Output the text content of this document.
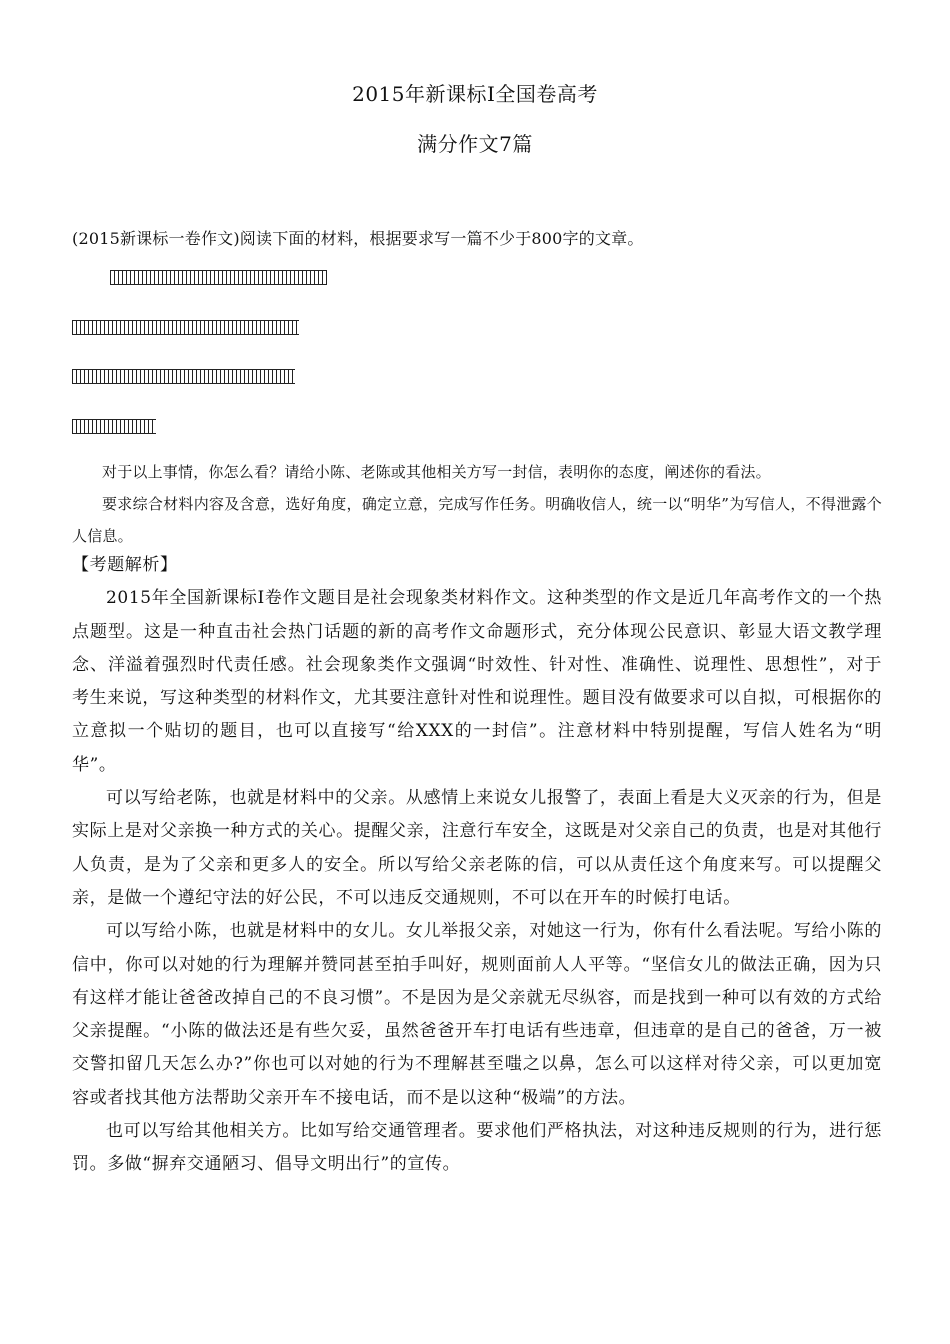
2015年新课标I全国卷高考
满分作文7篇
(2015新课标一卷作文)阅读下面的材料，根据要求写一篇不少于800字的文章。

对于以上事情，你怎么看？请给小陈、老陈或其他相关方写一封信，表明你的态度，阐述你的看法。

要求综合材料内容及含意，选好角度，确定立意，完成写作任务。明确收信人，统一以“明华”为写信人，不得泄露个人信息。

【考题解析】

2015年全国新课标I卷作文题目是社会现象类材料作文。这种类型的作文是近几年高考作文的一个热点题型。这是一种直击社会热门话题的新的高考作文命题形式，充分体现公民意识、彰显大语文教学理念、洋溢着强烈时代责任感。社会现象类作文强调“时效性、针对性、准确性、说理性、思想性”，对于考生来说，写这种类型的材料作文，尤其要注意针对性和说理性。题目没有做要求可以自拟，可根据你的立意拟一个贴切的题目，也可以直接写“给XXX的一封信”。注意材料中特别提醒，写信人姓名为“明华”。

可以写给老陈，也就是材料中的父亲。从感情上来说女儿报警了，表面上看是大义灭亲的行为，但是实际上是对父亲换一种方式的关心。提醒父亲，注意行车安全，这既是对父亲自己的负责，也是对其他行人负责，是为了父亲和更多人的安全。所以写给父亲老陈的信，可以从责任这个角度来写。可以提醒父亲，是做一个遵纪守法的好公民，不可以违反交通规则，不可以在开车的时候打电话。

可以写给小陈，也就是材料中的女儿。女儿举报父亲，对她这一行为，你有什么看法呢。写给小陈的信中，你可以对她的行为理解并赞同甚至拍手叫好，规则面前人人平等。“坚信女儿的做法正确，因为只有这样才能让爸爸改掉自己的不良习惯”。不是因为是父亲就无尽纵容，而是找到一种可以有效的方式给父亲提醒。“小陈的做法还是有些欠妥，虽然爸爸开车打电话有些违章，但违章的是自己的爸爸，万一被交警扣留几天怎么办?”你也可以对她的行为不理解甚至嗤之以鼻，怎么可以这样对待父亲，可以更加宽容或者找其他方法帮助父亲开车不接电话，而不是以这种“极端”的方法。

也可以写给其他相关方。比如写给交通管理者。要求他们严格执法，对这种违反规则的行为，进行惩罚。多做“摒弃交通陋习、倡导文明出行”的宣传。
